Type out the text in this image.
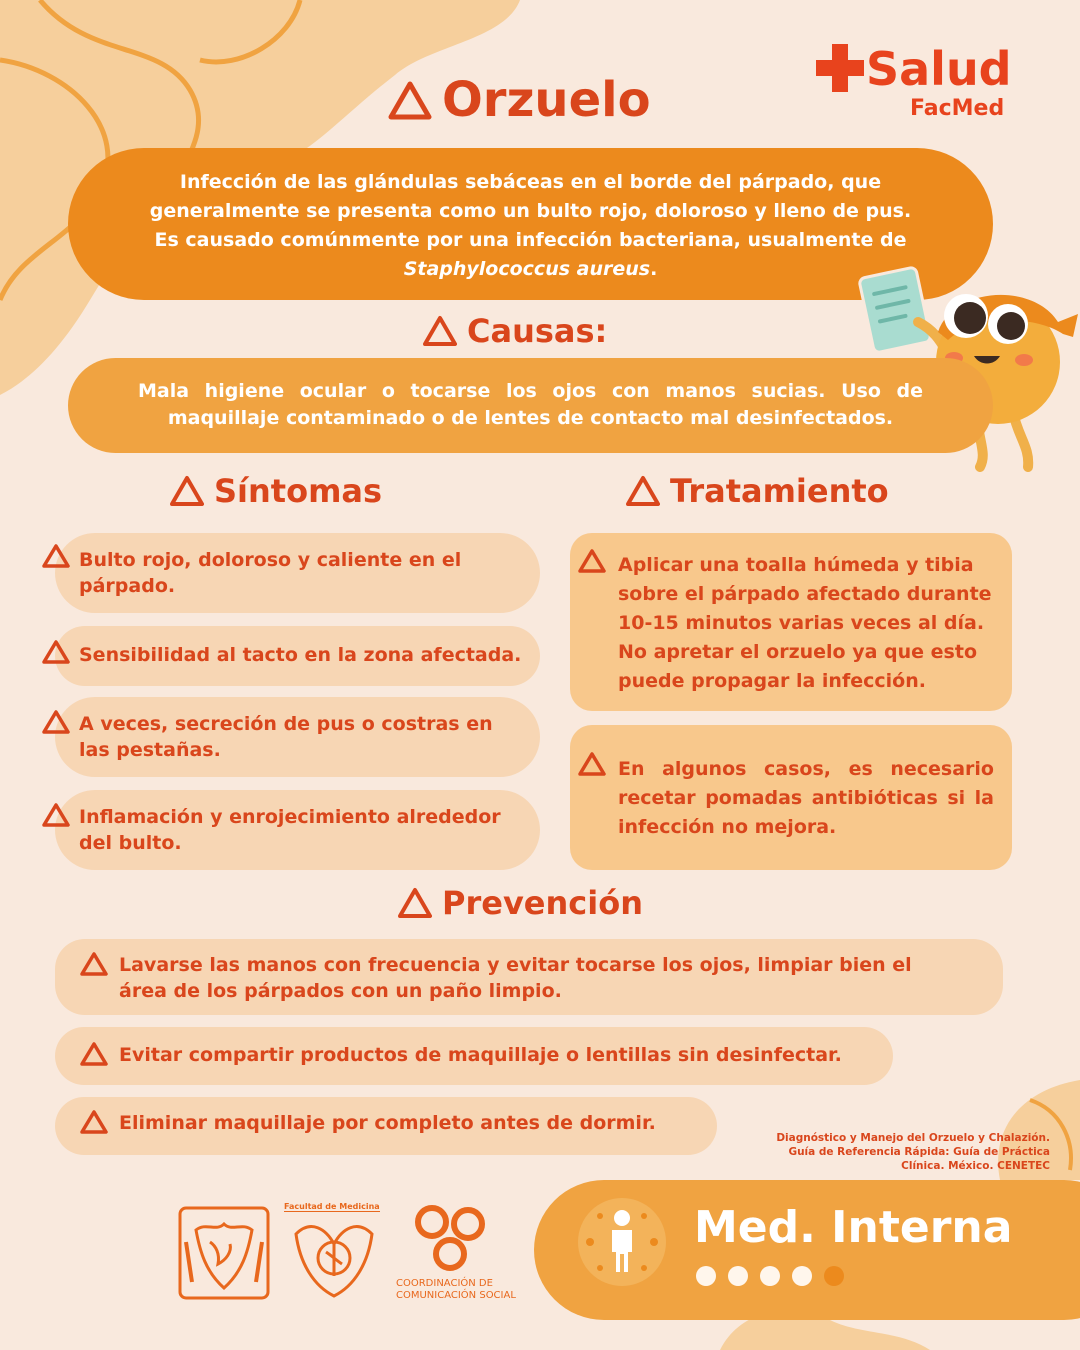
Salud
FacMed
Orzuelo
Infección de las glándulas sebáceas en el borde del párpado, que generalmente se presenta como un bulto rojo, doloroso y lleno de pus. Es causado comúnmente por una infección bacteriana, usualmente de Staphylococcus aureus.
Causas:
Mala higiene ocular o tocarse los ojos con manos sucias. Uso de maquillaje contaminado o de lentes de contacto mal desinfectados.
Síntomas
Bulto rojo, doloroso y caliente en el párpado.
Sensibilidad al tacto en la zona afectada.
A veces, secreción de pus o costras en las pestañas.
Inflamación y enrojecimiento alrededor del bulto.
Tratamiento
Aplicar una toalla húmeda y tibia sobre el párpado afectado durante 10-15 minutos varias veces al día. No apretar el orzuelo ya que esto puede propagar la infección.
En algunos casos, es necesario recetar pomadas antibióticas si la infección no mejora.
Prevención
Lavarse las manos con frecuencia y evitar tocarse los ojos, limpiar bien el área de los párpados con un paño limpio.
Evitar compartir productos de maquillaje o lentillas sin desinfectar.
Eliminar maquillaje por completo antes de dormir.
Diagnóstico y Manejo del Orzuelo y Chalazión. Guía de Referencia Rápida: Guía de Práctica Clínica. México. CENETEC
Facultad de Medicina
COORDINACIÓN DE
COMUNICACIÓN SOCIAL
Med. Interna
